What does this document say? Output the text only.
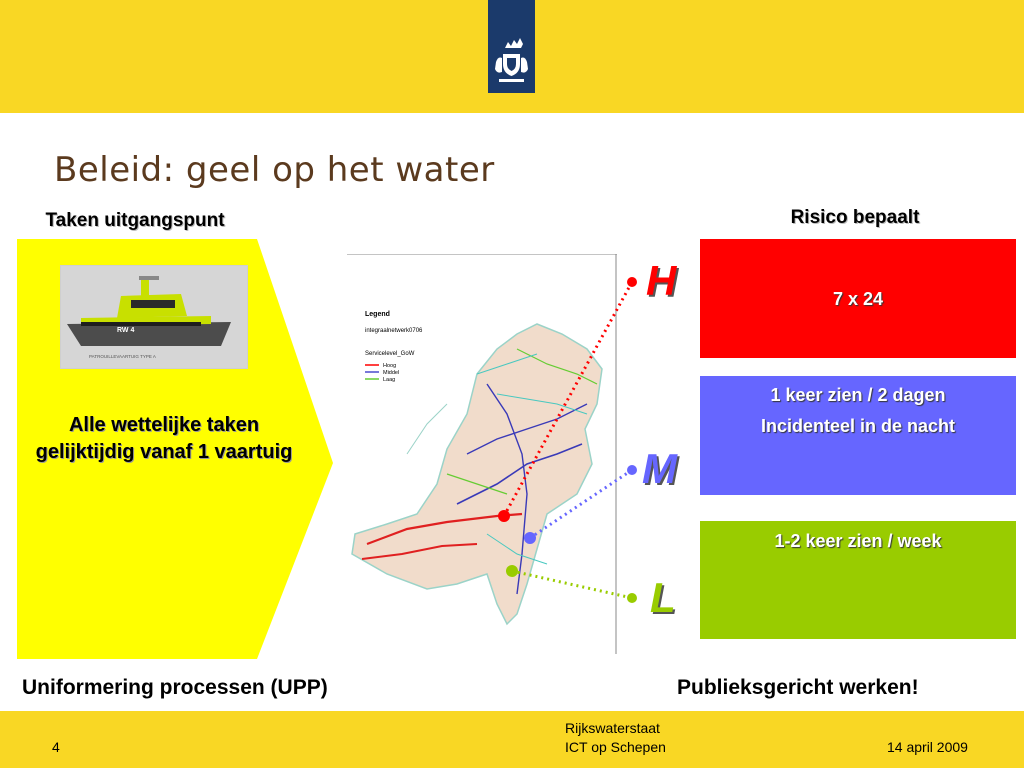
Beleid: geel op het water
Taken uitgangspunt
RW 4
PATROUILLEVAARTUIG TYPE A
Alle wettelijke taken gelijktijdig vanaf 1 vaartuig
Legend
integraalnetwerk0706
Servicelevel_GoW
Hoog
Middel
Laag
H
M
L
Risico bepaalt
7 x 24
1 keer zien / 2 dagen
Incidenteel in de nacht
1-2 keer zien / week
Uniformering processen (UPP)	Publieksgericht werken!
4
Rijkswaterstaat
ICT op Schepen	14 april 2009
